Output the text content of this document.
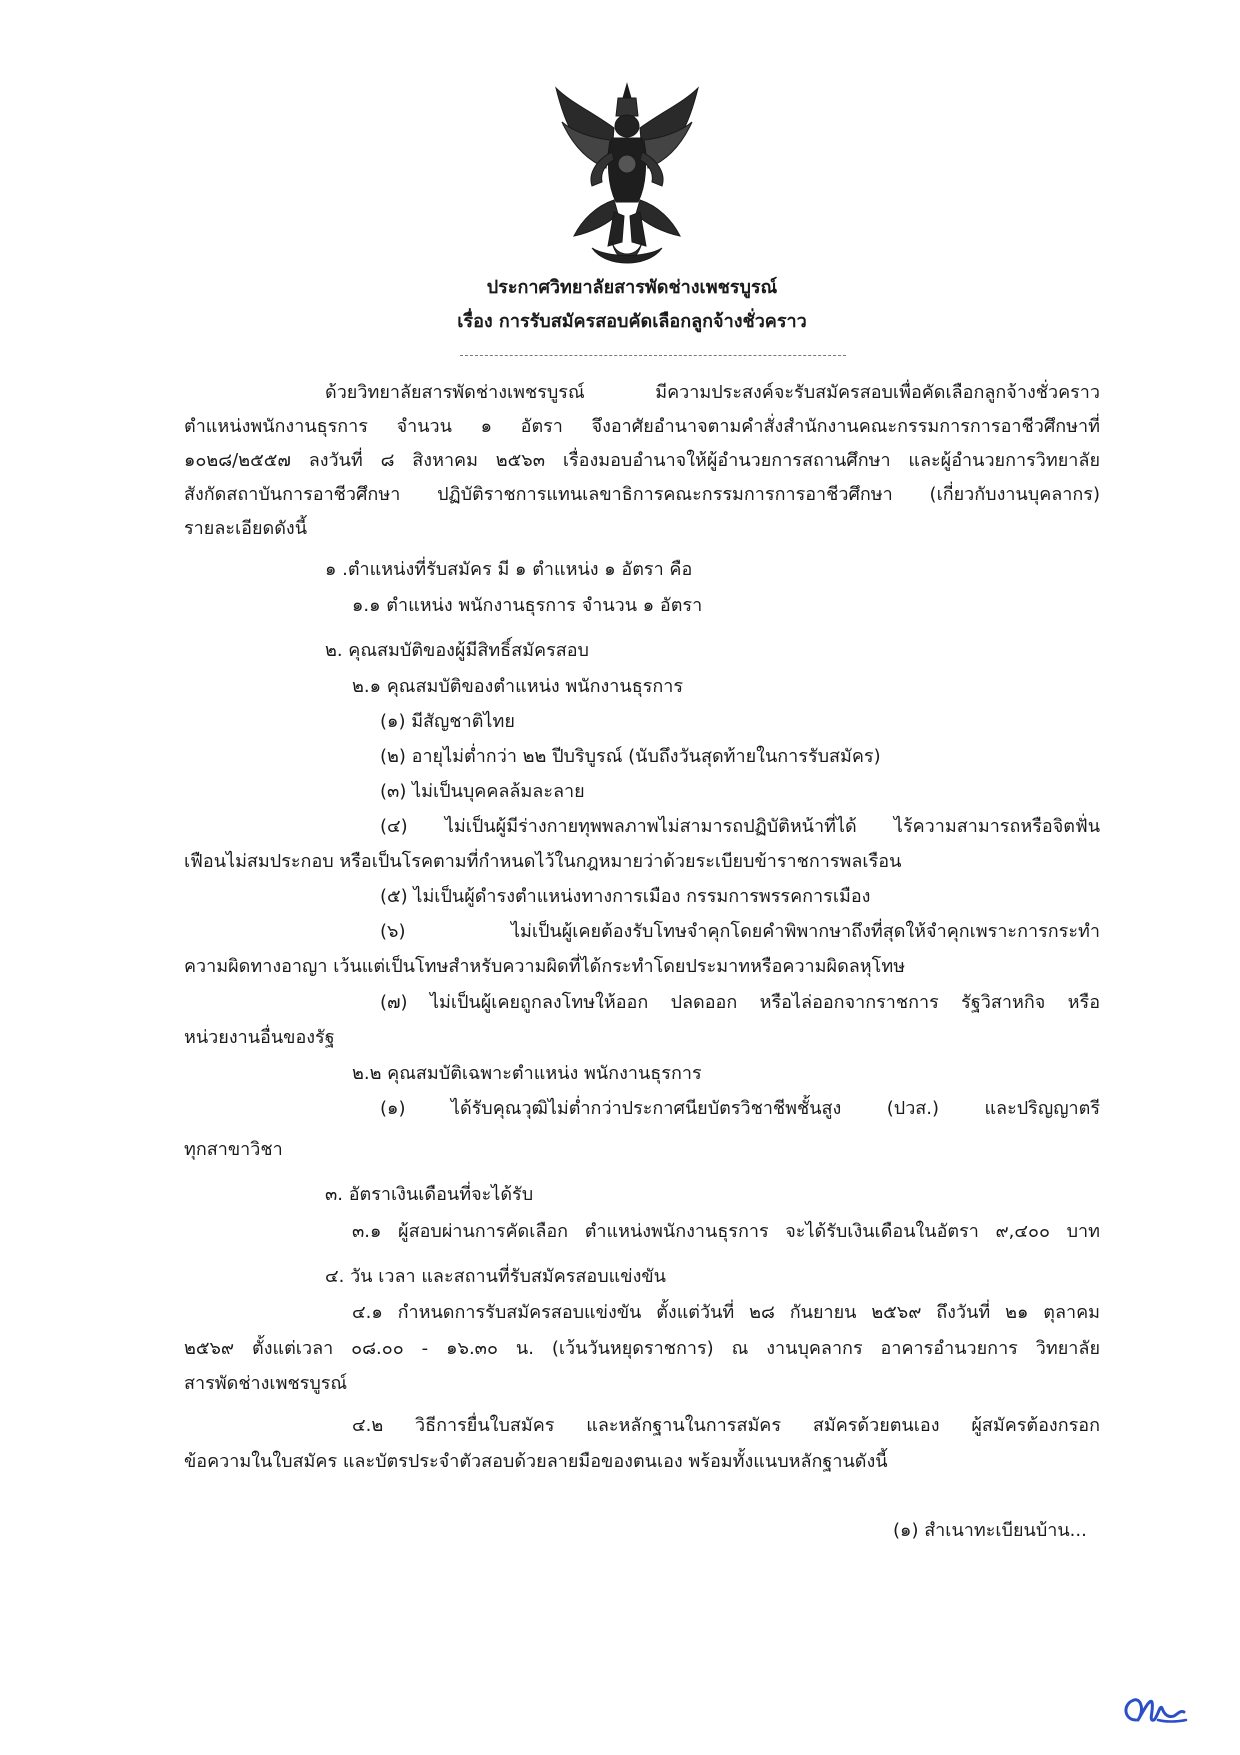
ประกาศวิทยาลัยสารพัดช่างเพชรบูรณ์
เรื่อง การรับสมัครสอบคัดเลือกลูกจ้างชั่วคราว
ด้วยวิทยาลัยสารพัดช่างเพชรบูรณ์ มีความประสงค์จะรับสมัครสอบเพื่อคัดเลือกลูกจ้างชั่วคราว
ตำแหน่งพนักงานธุรการ จำนวน ๑ อัตรา จึงอาศัยอำนาจตามคำสั่งสำนักงานคณะกรรมการการอาชีวศึกษาที่
๑๐๒๘/๒๕๕๗ ลงวันที่ ๘ สิงหาคม ๒๕๖๓ เรื่องมอบอำนาจให้ผู้อำนวยการสถานศึกษา และผู้อำนวยการวิทยาลัย
สังกัดสถาบันการอาชีวศึกษา ปฏิบัติราชการแทนเลขาธิการคณะกรรมการการอาชีวศึกษา (เกี่ยวกับงานบุคลากร)
รายละเอียดดังนี้
๑ .ตำแหน่งที่รับสมัคร มี ๑ ตำแหน่ง ๑ อัตรา คือ
๑.๑ ตำแหน่ง พนักงานธุรการ จำนวน ๑ อัตรา
๒. คุณสมบัติของผู้มีสิทธิ์สมัครสอบ
๒.๑ คุณสมบัติของตำแหน่ง พนักงานธุรการ
(๑) มีสัญชาติไทย
(๒) อายุไม่ต่ำกว่า ๒๒ ปีบริบูรณ์ (นับถึงวันสุดท้ายในการรับสมัคร)
(๓) ไม่เป็นบุคคลล้มละลาย
(๔) ไม่เป็นผู้มีร่างกายทุพพลภาพไม่สามารถปฏิบัติหน้าที่ได้ ไร้ความสามารถหรือจิตฟั่น
เฟือนไม่สมประกอบ หรือเป็นโรคตามที่กำหนดไว้ในกฎหมายว่าด้วยระเบียบข้าราชการพลเรือน
(๕) ไม่เป็นผู้ดำรงตำแหน่งทางการเมือง กรรมการพรรคการเมือง
(๖) ไม่เป็นผู้เคยต้องรับโทษจำคุกโดยคำพิพากษาถึงที่สุดให้จำคุกเพราะการกระทำ
ความผิดทางอาญา เว้นแต่เป็นโทษสำหรับความผิดที่ได้กระทำโดยประมาทหรือความผิดลหุโทษ
(๗) ไม่เป็นผู้เคยถูกลงโทษให้ออก ปลดออก หรือไล่ออกจากราชการ รัฐวิสาหกิจ หรือ
หน่วยงานอื่นของรัฐ
๒.๒ คุณสมบัติเฉพาะตำแหน่ง พนักงานธุรการ
(๑) ได้รับคุณวุฒิไม่ต่ำกว่าประกาศนียบัตรวิชาชีพชั้นสูง (ปวส.) และปริญญาตรี
ทุกสาขาวิชา
๓. อัตราเงินเดือนที่จะได้รับ
๓.๑ ผู้สอบผ่านการคัดเลือก ตำแหน่งพนักงานธุรการ จะได้รับเงินเดือนในอัตรา ๙,๔๐๐ บาท
๔. วัน เวลา และสถานที่รับสมัครสอบแข่งขัน
๔.๑ กำหนดการรับสมัครสอบแข่งขัน ตั้งแต่วันที่ ๒๘ กันยายน ๒๕๖๙ ถึงวันที่ ๒๑ ตุลาคม
๒๕๖๙ ตั้งแต่เวลา ๐๘.๐๐ - ๑๖.๓๐ น. (เว้นวันหยุดราชการ) ณ งานบุคลากร อาคารอำนวยการ วิทยาลัย
สารพัดช่างเพชรบูรณ์
๔.๒ วิธีการยื่นใบสมัคร และหลักฐานในการสมัคร สมัครด้วยตนเอง ผู้สมัครต้องกรอก
ข้อความในใบสมัคร และบัตรประจำตัวสอบด้วยลายมือของตนเอง พร้อมทั้งแนบหลักฐานดังนี้
(๑) สำเนาทะเบียนบ้าน...
